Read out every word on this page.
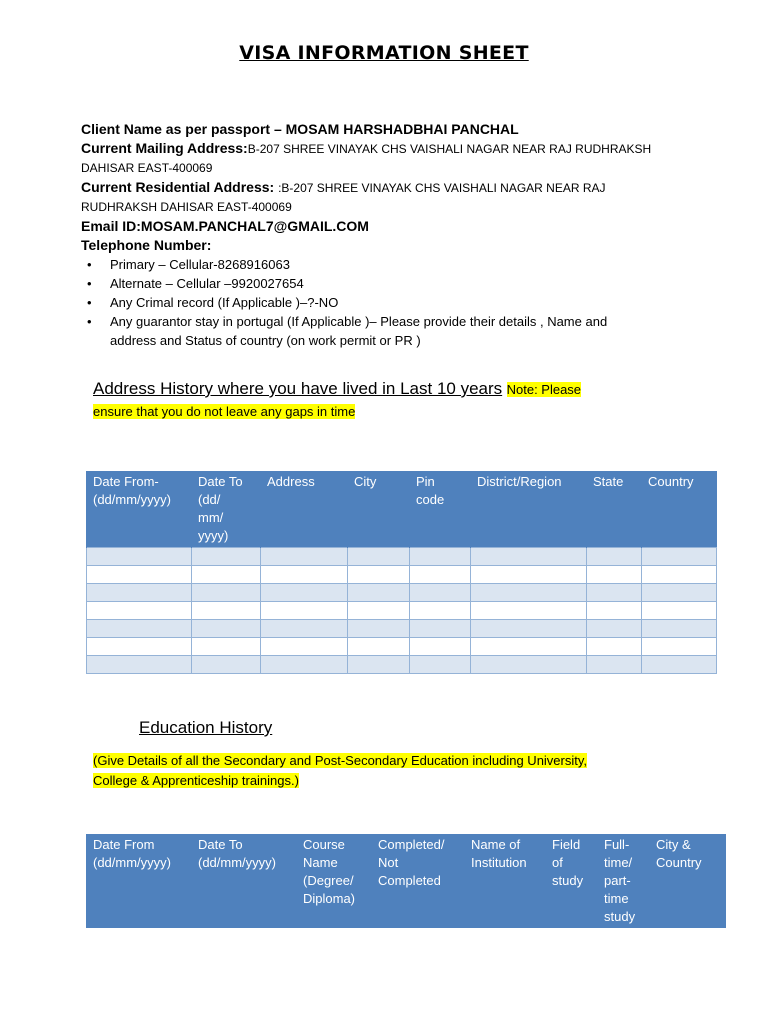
VISA INFORMATION SHEET
Client Name as per passport – MOSAM HARSHADBHAI PANCHAL
Current Mailing Address:B-207 SHREE VINAYAK CHS VAISHALI NAGAR NEAR RAJ RUDHRAKSH
DAHISAR EAST-400069
Current Residential Address: :B-207 SHREE VINAYAK CHS VAISHALI NAGAR NEAR RAJ
RUDHRAKSH DAHISAR EAST-400069
Email ID:MOSAM.PANCHAL7@GMAIL.COM
Telephone Number:
• Primary – Cellular-8268916063
• Alternate – Cellular –9920027654
• Any Crimal record (If Applicable )–?-NO
• Any guarantor stay in portugal (If Applicable )– Please provide their details , Name and
address and Status of country (on work permit or PR )
Address History where you have lived in Last 10 years Note: Please
ensure that you do not leave any gaps in time
Date From-
(dd/mm/yyyy)	Date To
(dd/
mm/
yyyy)	Address	City	Pin
code	District/Region	State	Country

Education History
(Give Details of all the Secondary and Post-Secondary Education including University,
College & Apprenticeship trainings.)
Date From
(dd/mm/yyyy)	Date To
(dd/mm/yyyy)	Course
Name
(Degree/
Diploma)	Completed/
Not
Completed	Name of
Institution	Field
of
study	Full-
time/
part-
time
study	City &
Country
